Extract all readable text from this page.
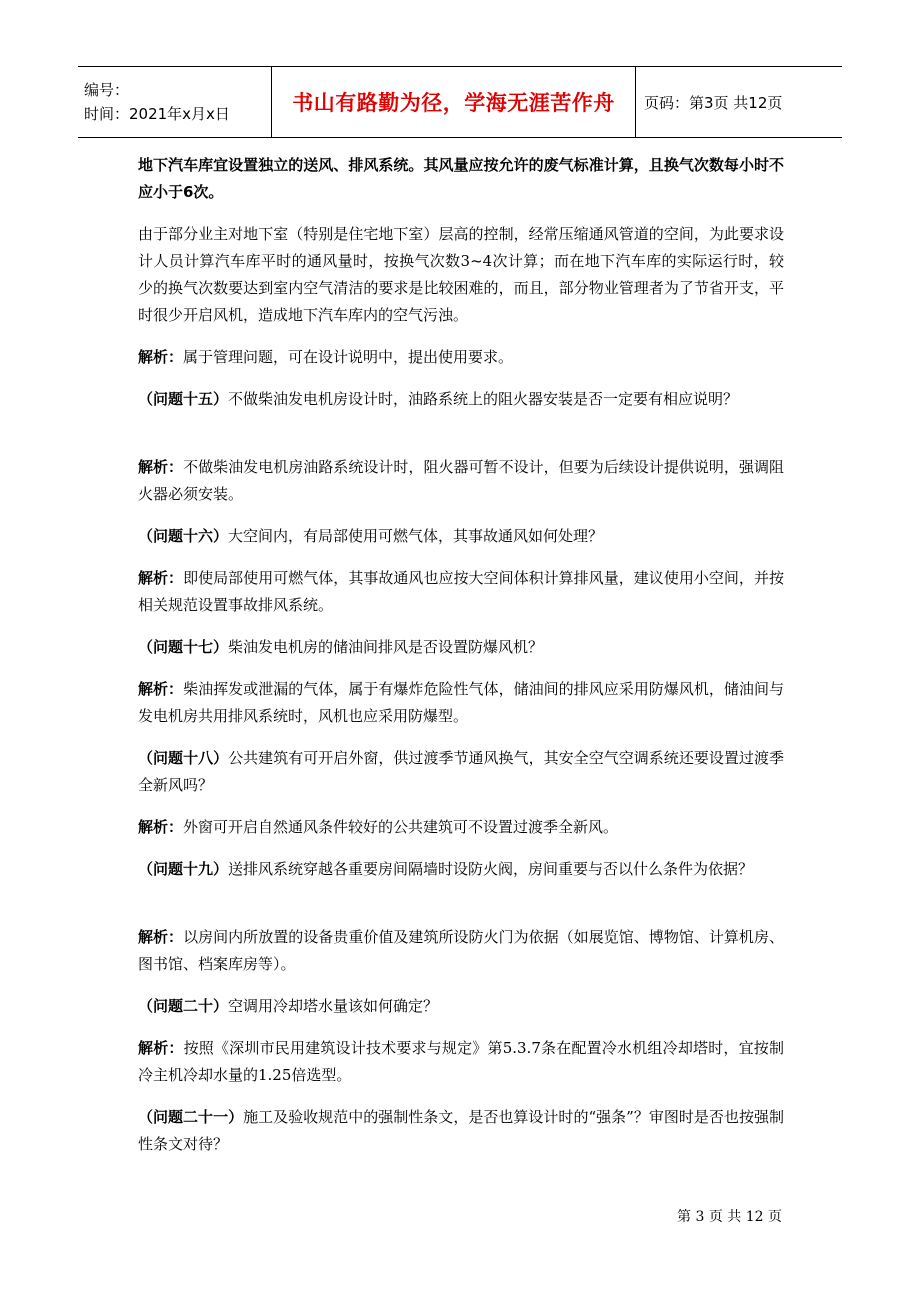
编号：
时间：2021年x月x日	书山有路勤为径，学海无涯苦作舟	页码：第3页 共12页

地下汽车库宜设置独立的送风、排风系统。其风量应按允许的废气标准计算，且换气次数每小时不应小于6次。

由于部分业主对地下室（特别是住宅地下室）层高的控制，经常压缩通风管道的空间，为此要求设计人员计算汽车库平时的通风量时，按换气次数3~4次计算；而在地下汽车库的实际运行时，较少的换气次数要达到室内空气清洁的要求是比较困难的，而且，部分物业管理者为了节省开支，平时很少开启风机，造成地下汽车库内的空气污浊。

解析：属于管理问题，可在设计说明中，提出使用要求。

（问题十五）不做柴油发电机房设计时，油路系统上的阻火器安装是否一定要有相应说明？

解析：不做柴油发电机房油路系统设计时，阻火器可暂不设计，但要为后续设计提供说明，强调阻火器必须安装。

（问题十六）大空间内，有局部使用可燃气体，其事故通风如何处理？

解析：即使局部使用可燃气体，其事故通风也应按大空间体积计算排风量，建议使用小空间，并按相关规范设置事故排风系统。

（问题十七）柴油发电机房的储油间排风是否设置防爆风机？

解析：柴油挥发或泄漏的气体，属于有爆炸危险性气体，储油间的排风应采用防爆风机，储油间与发电机房共用排风系统时，风机也应采用防爆型。

（问题十八）公共建筑有可开启外窗，供过渡季节通风换气，其安全空气空调系统还要设置过渡季全新风吗？

解析：外窗可开启自然通风条件较好的公共建筑可不设置过渡季全新风。

（问题十九）送排风系统穿越各重要房间隔墙时设防火阀，房间重要与否以什么条件为依据？

解析：以房间内所放置的设备贵重价值及建筑所设防火门为依据（如展览馆、博物馆、计算机房、图书馆、档案库房等）。

（问题二十）空调用冷却塔水量该如何确定？

解析：按照《深圳市民用建筑设计技术要求与规定》第5.3.7条在配置冷水机组冷却塔时，宜按制冷主机冷却水量的1.25倍选型。

（问题二十一）施工及验收规范中的强制性条文，是否也算设计时的“强条”？审图时是否也按强制性条文对待？

第 3 页 共 12 页
